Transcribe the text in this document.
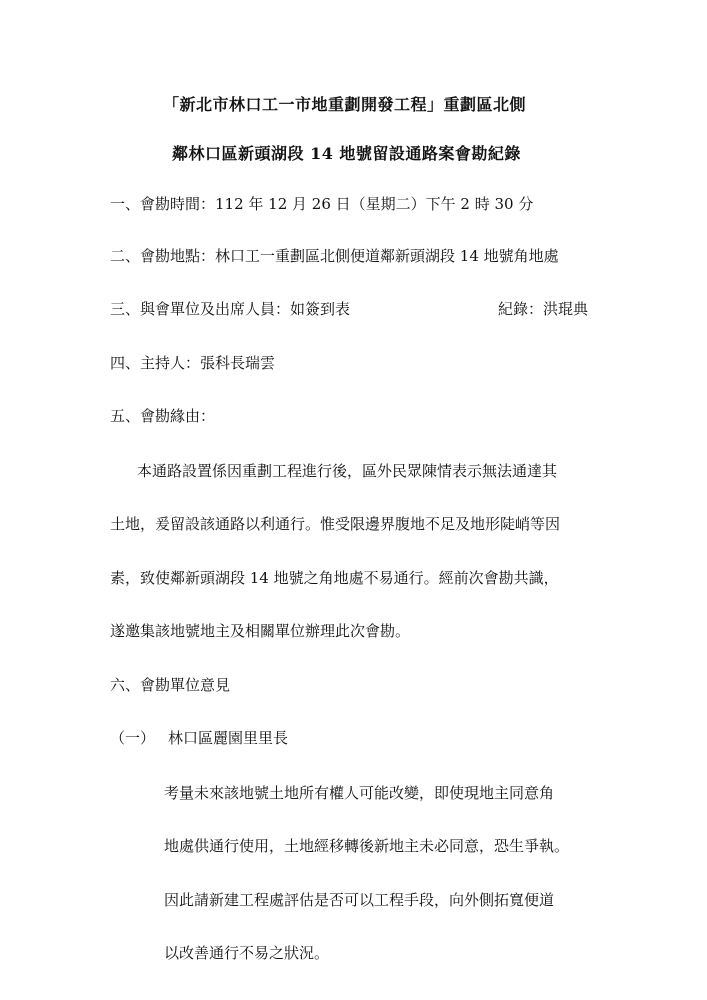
「新北市林口工一市地重劃開發工程」重劃區北側
鄰林口區新頭湖段 14 地號留設通路案會勘紀錄
一、會勘時間：112 年 12 月 26 日（星期二）下午 2 時 30 分
二、會勘地點：林口工一重劃區北側便道鄰新頭湖段 14 地號角地處
三、與會單位及出席人員：如簽到表	紀錄：洪琨典
四、主持人：張科長瑞雲
五、會勘緣由：
本通路設置係因重劃工程進行後，區外民眾陳情表示無法通達其
土地，爰留設該通路以利通行。惟受限邊界腹地不足及地形陡峭等因
素，致使鄰新頭湖段 14 地號之角地處不易通行。經前次會勘共識，
遂邀集該地號地主及相關單位辦理此次會勘。
六、會勘單位意見
（一） 林口區麗園里里長
考量未來該地號土地所有權人可能改變，即使現地主同意角
地處供通行使用，土地經移轉後新地主未必同意，恐生爭執。
因此請新建工程處評估是否可以工程手段，向外側拓寬便道
以改善通行不易之狀況。
